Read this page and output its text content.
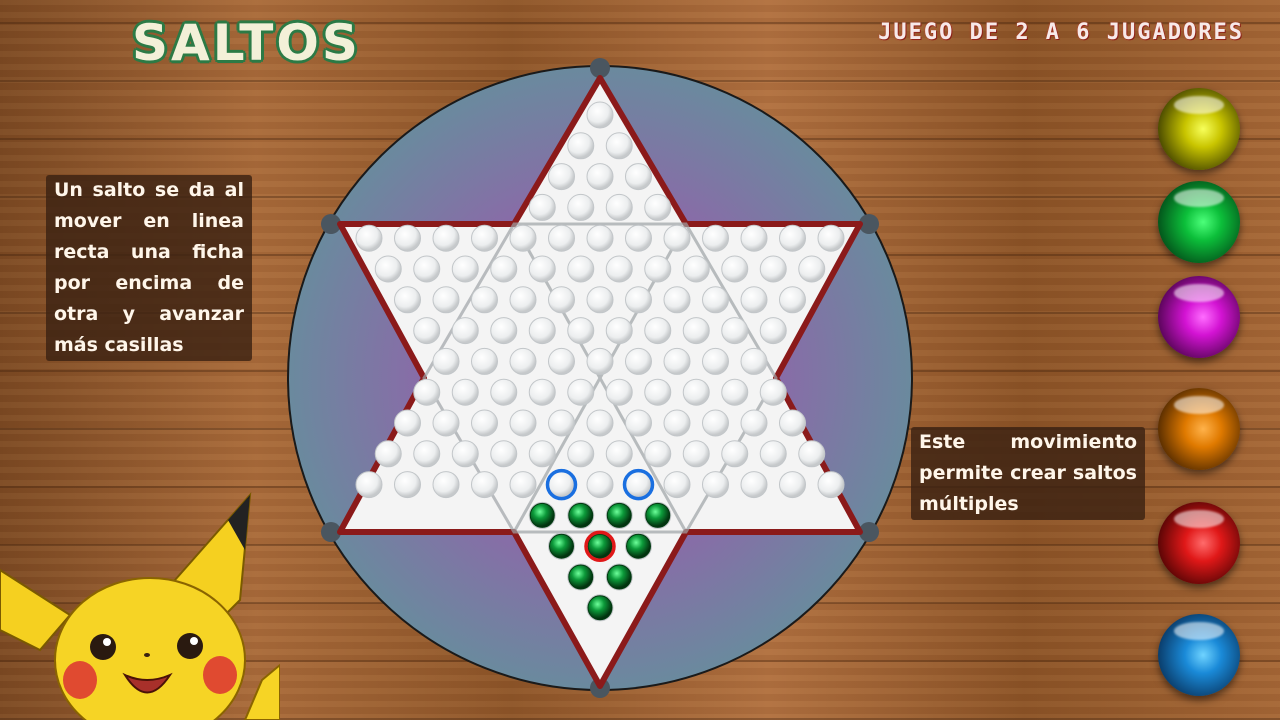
SALTOS	JUEGO DE 2 A 6 JUGADORES
Un salto se da al mover en linea recta una ficha por encima de otra y avanzar más casillas
Este movimiento permite crear saltos múltiples
